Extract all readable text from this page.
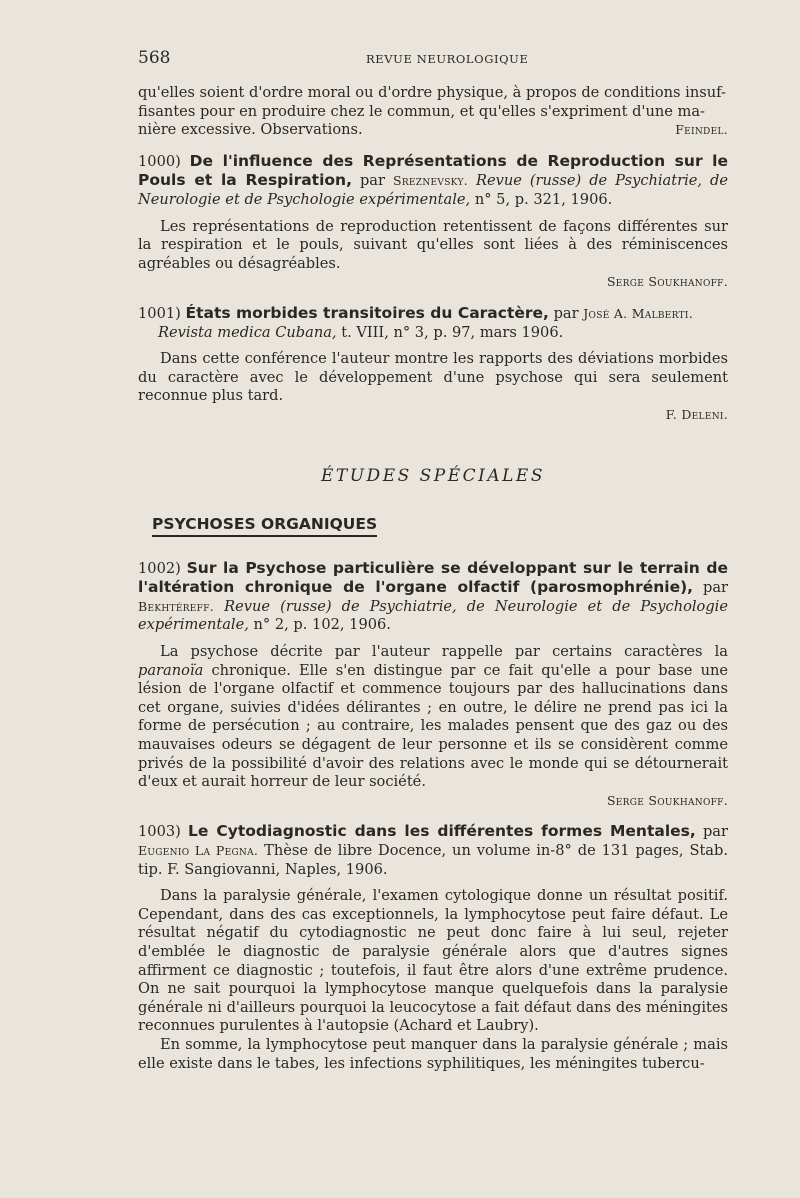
568	REVUE NEUROLOGIQUE

qu'elles soient d'ordre moral ou d'ordre physique, à propos de conditions insuf-

fisantes pour en produire chez le commun, et qu'elles s'expriment d'une ma-

nière excessive. Observations.	Feindel.

1000) De l'influence des Représentations de Reproduction sur le Pouls et la Respiration, par Sreznevsky. Revue (russe) de Psychiatrie, de Neurologie et de Psychologie expérimentale, n° 5, p. 321, 1906.

Les représentations de reproduction retentissent de façons différentes sur la respiration et le pouls, suivant qu'elles sont liées à des réminiscences agréables ou désagréables.

Serge Soukhanoff.

1001) États morbides transitoires du Caractère, par José A. Malberti.

Revista medica Cubana, t. VIII, n° 3, p. 97, mars 1906.

Dans cette conférence l'auteur montre les rapports des déviations morbides du caractère avec le développement d'une psychose qui sera seulement reconnue plus tard.

F. Deleni.

ÉTUDES SPÉCIALES
PSYCHOSES ORGANIQUES

1002) Sur la Psychose particulière se développant sur le terrain de l'altération chronique de l'organe olfactif (parosmophrénie), par Bekhtéreff. Revue (russe) de Psychiatrie, de Neurologie et de Psychologie expérimentale, n° 2, p. 102, 1906.

La psychose décrite par l'auteur rappelle par certains caractères la paranoïa chronique. Elle s'en distingue par ce fait qu'elle a pour base une lésion de l'organe olfactif et commence toujours par des hallucinations dans cet organe, suivies d'idées délirantes ; en outre, le délire ne prend pas ici la forme de persécution ; au contraire, les malades pensent que des gaz ou des mauvaises odeurs se dégagent de leur personne et ils se considèrent comme privés de la possibilité d'avoir des relations avec le monde qui se détournerait d'eux et aurait horreur de leur société.

Serge Soukhanoff.

1003) Le Cytodiagnostic dans les différentes formes Mentales, par Eugenio La Pegna. Thèse de libre Docence, un volume in-8° de 131 pages, Stab. tip. F. Sangiovanni, Naples, 1906.

Dans la paralysie générale, l'examen cytologique donne un résultat positif. Cependant, dans des cas exceptionnels, la lymphocytose peut faire défaut. Le résultat négatif du cytodiagnostic ne peut donc faire à lui seul, rejeter d'emblée le diagnostic de paralysie générale alors que d'autres signes affirment ce diagnostic ; toutefois, il faut être alors d'une extrême prudence. On ne sait pourquoi la lymphocytose manque quelquefois dans la paralysie générale ni d'ailleurs pourquoi la leucocytose a fait défaut dans des méningites reconnues purulentes à l'autopsie (Achard et Laubry).

En somme, la lymphocytose peut manquer dans la paralysie générale ; mais elle existe dans le tabes, les infections syphilitiques, les méningites tubercu-
